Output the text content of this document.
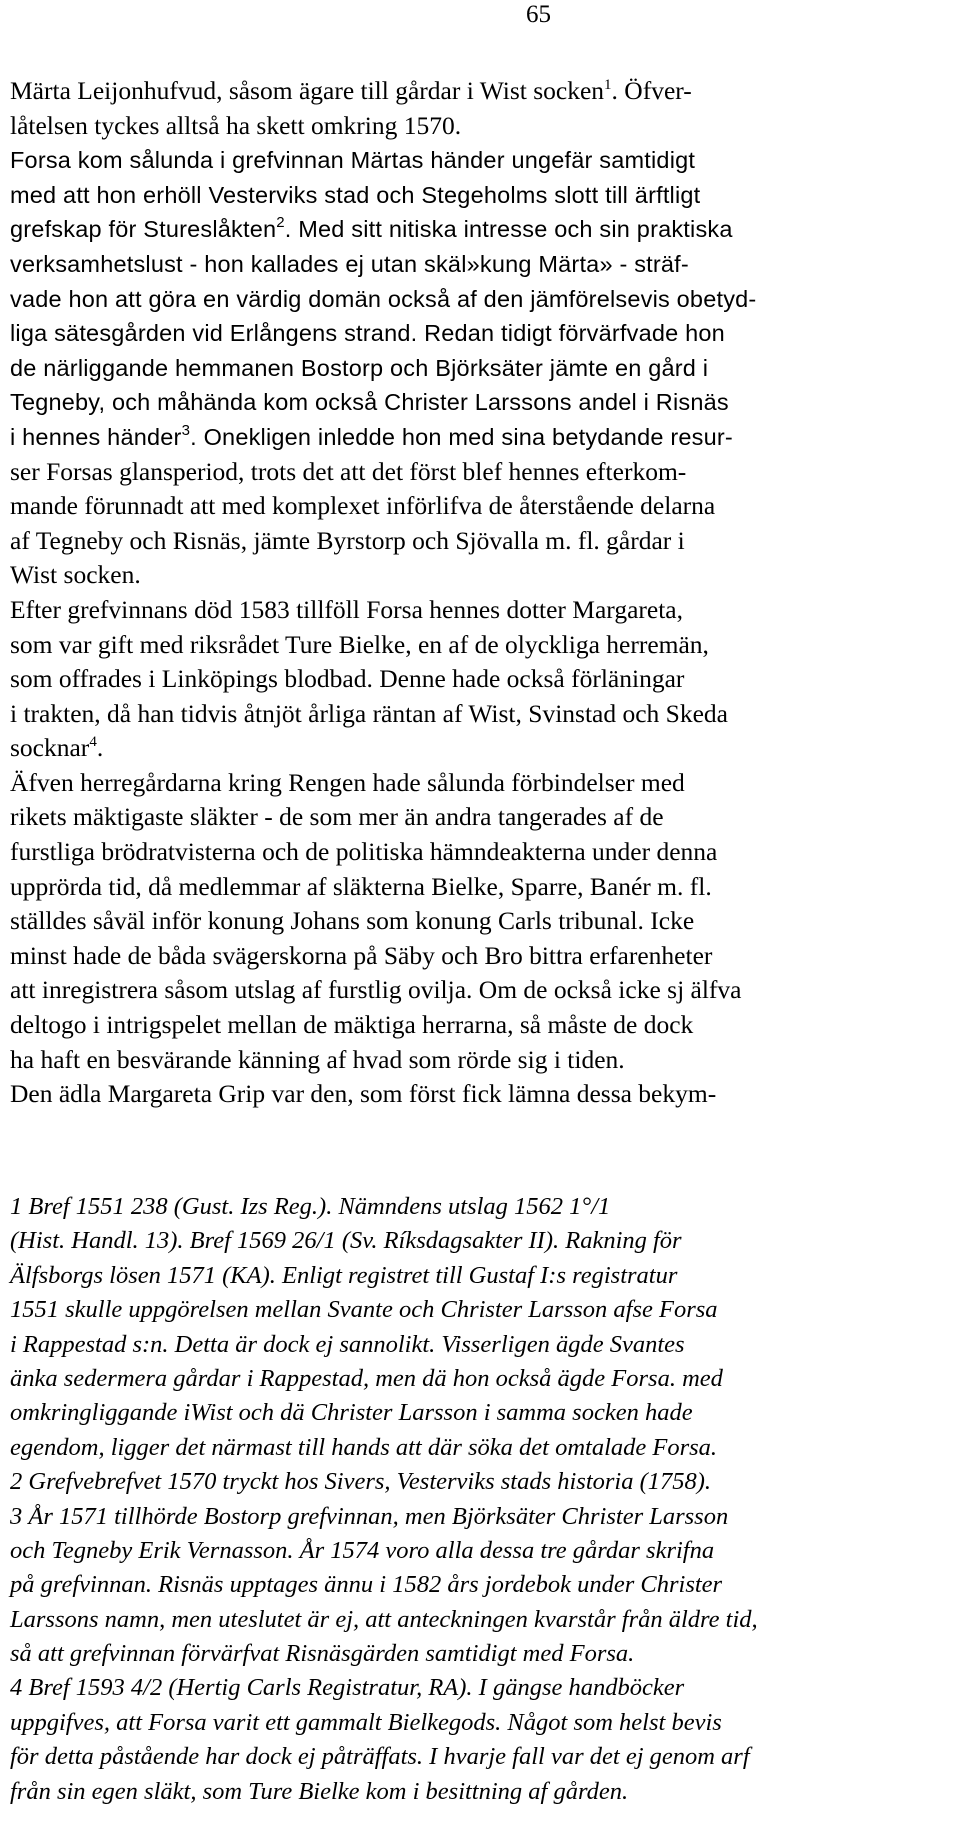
65
Märta Leijonhufvud, såsom ägare till gårdar i Wist socken$^1$. Öfver-
låtelsen tyckes alltså ha skett omkring 1570.
Forsa kom sålunda i grefvinnan Märtas händer ungefär samtidigt
med att hon erhöll Vesterviks stad och Stegeholms slott till ärftligt
grefskap för Stureslåkten$^2$. Med sitt nitiska intresse och sin praktiska
verksamhetslust - hon kallades ej utan skäl»kung Märta» - sträf-
vade hon att göra en värdig domän också af den jämförelsevis obetyd-
liga sätesgården vid Erlångens strand. Redan tidigt förvärfvade hon
de närliggande hemmanen Bostorp och Björksäter jämte en gård i
Tegneby, och måhända kom också Christer Larssons andel i Risnäs
i hennes händer$^3$. Onekligen inledde hon med sina betydande resur-
ser Forsas glansperiod, trots det att det först blef hennes efterkom-
mande förunnadt att med komplexet införlifva de återstående delarna
af Tegneby och Risnäs, jämte Byrstorp och Sjövalla m. fl. gårdar i
Wist socken.
Efter grefvinnans död 1583 tillföll Forsa hennes dotter Margareta,
som var gift med riksrådet Ture Bielke, en af de olyckliga herremän,
som offrades i Linköpings blodbad. Denne hade också förläningar
i trakten, då han tidvis åtnjöt årliga räntan af Wist, Svinstad och Skeda
socknar$^4$.
Äfven herregårdarna kring Rengen hade sålunda förbindelser med
rikets mäktigaste släkter - de som mer än andra tangerades af de
furstliga brödratvisterna och de politiska hämndeakterna under denna
upprörda tid, då medlemmar af släkterna Bielke, Sparre, Banér m. fl.
ställdes såväl inför konung Johans som konung Carls tribunal. Icke
minst hade de båda svägerskorna på Säby och Bro bittra erfarenheter
att inregistrera såsom utslag af furstlig ovilja. Om de också icke sj älfva
deltogo i intrigspelet mellan de mäktiga herrarna, så måste de dock
ha haft en besvärande känning af hvad som rörde sig i tiden.
Den ädla Margareta Grip var den, som först fick lämna dessa bekym-
1 Bref 1551 238 (Gust. Izs Reg.). Nämndens utslag 1562 1°/1
(Hist. Handl. 13). Bref 1569 26/1 (Sv. Ríksdagsakter II). Rakning för
Älfsborgs lösen 1571 (KA). Enligt registret till Gustaf I:s registratur
1551 skulle uppgörelsen mellan Svante och Christer Larsson afse Forsa
i Rappestad s:n. Detta är dock ej sannolikt. Visserligen ägde Svantes
änka sedermera gårdar i Rappestad, men dä hon också ägde Forsa. med
omkringliggande iWist och dä Christer Larsson i samma socken hade
egendom, ligger det närmast till hands att där söka det omtalade Forsa.
2 Grefvebrefvet 1570 tryckt hos Sivers, Vesterviks stads historia (1758).
3 År 1571 tillhörde Bostorp grefvinnan, men Björksäter Christer Larsson
och Tegneby Erik Vernasson. År 1574 voro alla dessa tre gårdar skrifna
på grefvinnan. Risnäs upptages ännu i 1582 års jordebok under Christer
Larssons namn, men uteslutet är ej, att anteckningen kvarstår från äldre tid,
så att grefvinnan förvärfvat Risnäsgärden samtidigt med Forsa.
4 Bref 1593 4/2 (Hertig Carls Registratur, RA). I gängse handböcker
uppgifves, att Forsa varit ett gammalt Bielkegods. Något som helst bevis
för detta påstående har dock ej påträffats. I hvarje fall var det ej genom arf
från sin egen släkt, som Ture Bielke kom i besittning af gården.
